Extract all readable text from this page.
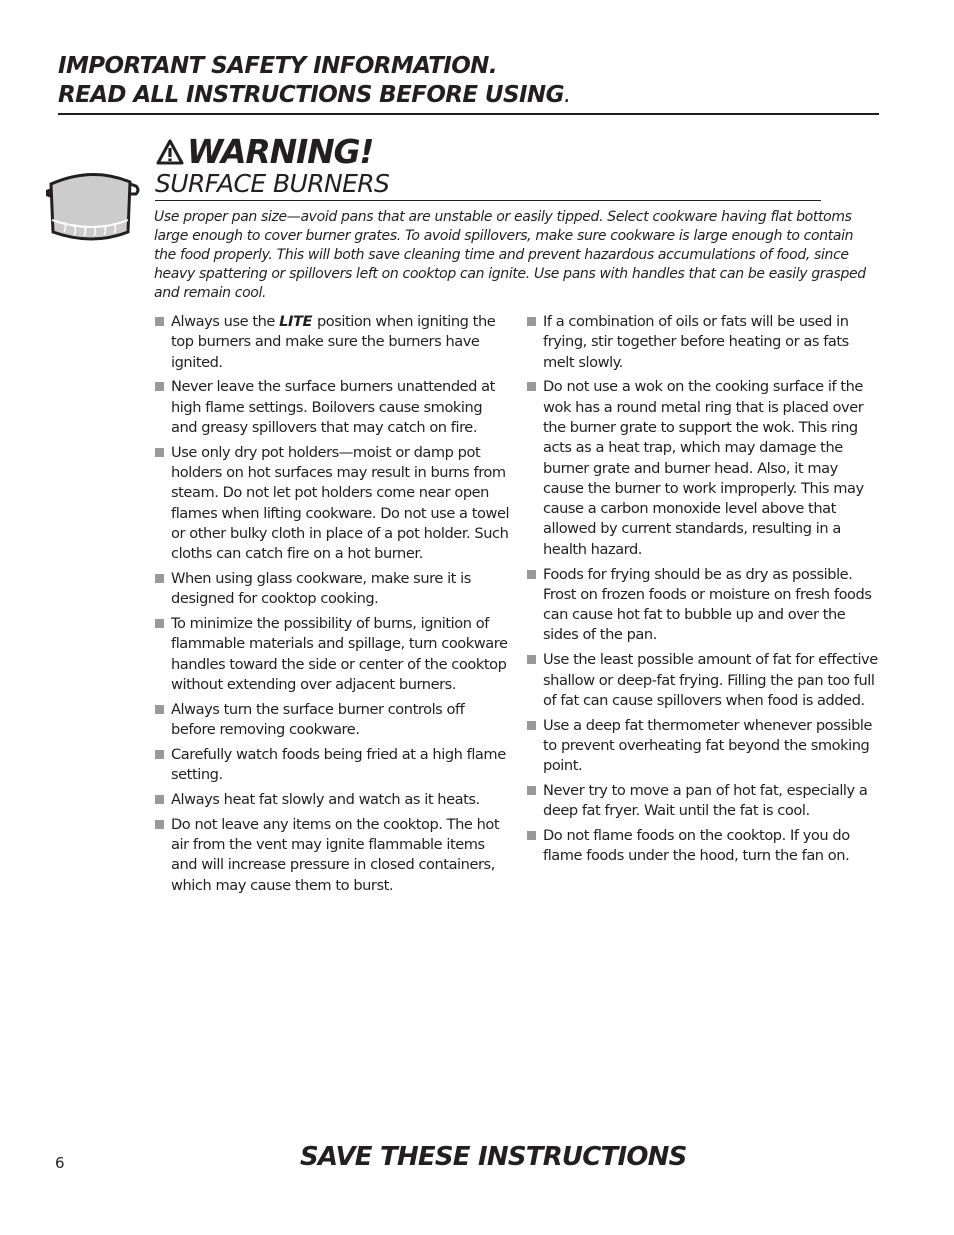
IMPORTANT SAFETY INFORMATION.
READ ALL INSTRUCTIONS BEFORE USING.
WARNING!
SURFACE BURNERS
Use proper pan size—avoid pans that are unstable or easily tipped. Select cookware having flat bottoms large enough to cover burner grates. To avoid spillovers, make sure cookware is large enough to contain the food properly. This will both save cleaning time and prevent hazardous accumulations of food, since heavy spattering or spillovers left on cooktop can ignite. Use pans with handles that can be easily grasped and remain cool.
Always use the LITE position when igniting the top burners and make sure the burners have ignited.
Never leave the surface burners unattended at high flame settings. Boilovers cause smoking and greasy spillovers that may catch on fire.
Use only dry pot holders—moist or damp pot holders on hot surfaces may result in burns from steam. Do not let pot holders come near open flames when lifting cookware. Do not use a towel or other bulky cloth in place of a pot holder. Such cloths can catch fire on a hot burner.
When using glass cookware, make sure it is designed for cooktop cooking.
To minimize the possibility of burns, ignition of flammable materials and spillage, turn cookware handles toward the side or center of the cooktop without extending over adjacent burners.
Always turn the surface burner controls off before removing cookware.
Carefully watch foods being fried at a high flame setting.
Always heat fat slowly and watch as it heats.
Do not leave any items on the cooktop. The hot air from the vent may ignite flammable items and will increase pressure in closed containers, which may cause them to burst.
If a combination of oils or fats will be used in frying, stir together before heating or as fats melt slowly.
Do not use a wok on the cooking surface if the wok has a round metal ring that is placed over the burner grate to support the wok. This ring acts as a heat trap, which may damage the burner grate and burner head. Also, it may cause the burner to work improperly. This may cause a carbon monoxide level above that allowed by current standards, resulting in a health hazard.
Foods for frying should be as dry as possible. Frost on frozen foods or moisture on fresh foods can cause hot fat to bubble up and over the sides of the pan.
Use the least possible amount of fat for effective shallow or deep-fat frying. Filling the pan too full of fat can cause spillovers when food is added.
Use a deep fat thermometer whenever possible to prevent overheating fat beyond the smoking point.
Never try to move a pan of hot fat, especially a deep fat fryer. Wait until the fat is cool.
Do not flame foods on the cooktop. If you do flame foods under the hood, turn the fan on.
6	SAVE THESE INSTRUCTIONS
